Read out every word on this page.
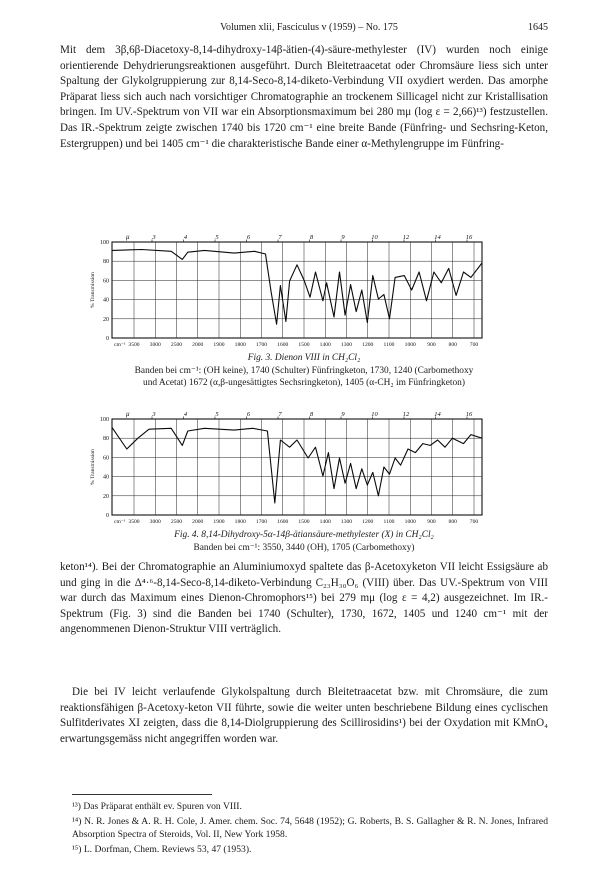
Volumen xlii, Fasciculus v (1959) – No. 175	1645

Mit dem 3β,6β-Diacetoxy-8,14-dihydroxy-14β-ätien-(4)-säure-methylester (IV) wurden noch einige orientierende Dehydrierungsreaktionen ausgeführt. Durch Bleitetraacetat oder Chromsäure liess sich unter Spaltung der Glykolgruppierung zur 8,14-Seco-8,14-diketo-Verbindung VII oxydiert werden. Das amorphe Präparat liess sich auch nach vorsichtiger Chromatographie an trockenem Sillicagel nicht zur Kristallisation bringen. Im UV.-Spektrum von VII war ein Absorptionsmaximum bei 280 mμ (log ε = 2,66)¹³) festzustellen. Das IR.-Spektrum zeigte zwischen 1740 bis 1720 cm⁻¹ eine breite Bande (Fünfring- und Sechsring-Keton, Estergruppen) und bei 1405 cm⁻¹ die charakteristische Bande einer α-Methylengruppe im Fünfring-

100
80
60
40
20
0
3500 3000 2500 2000 1900 1800 1700 1600 1500 1400 1300 1200 1100 1000 900 800 700
cm⁻¹
μ	3	4	5	6	7	8	9	10	12	14	16
% Transmission
100
80
60
40
20
0
3500 3000 2500 2000 1900 1800 1700 1600 1500 1400 1300 1200 1100 1000 900 800 700
cm⁻¹
μ	3	4	5	6	7	8	9	10	12	14	16
% Transmission
Fig. 3. Dienon VIII in CH₂Cl₂
Banden bei cm⁻¹: (OH keine), 1740 (Schulter) Fünfringketon, 1730, 1240 (Carbomethoxy
und Acetat) 1672 (α,β-ungesättigtes Sechsringketon), 1405 (α-CH₂ im Fünfringketon)
Fig. 4. 8,14-Dihydroxy-5α-14β-ätiansäure-methylester (X) in CH₂Cl₂
Banden bei cm⁻¹: 3550, 3440 (OH), 1705 (Carbomethoxy)

keton¹⁴). Bei der Chromatographie an Aluminiumoxyd spaltete das β-Acetoxyketon VII leicht Essigsäure ab und ging in die Δ⁴·⁶-8,14-Seco-8,14-diketo-Verbindung C₂₃H₃₀O₆ (VIII) über. Das UV.-Spektrum von VIII war durch das Maximum eines Dienon-Chromophors¹⁵) bei 279 mμ (log ε = 4,2) ausgezeichnet. Im IR.-Spektrum (Fig. 3) sind die Banden bei 1740 (Schulter), 1730, 1672, 1405 und 1240 cm⁻¹ mit der angenommenen Dienon-Struktur VIII verträglich.

Die bei IV leicht verlaufende Glykolspaltung durch Bleitetraacetat bzw. mit Chromsäure, die zum reaktionsfähigen β-Acetoxy-keton VII führte, sowie die weiter unten beschriebene Bildung eines cyclischen Sulfitderivates XI zeigten, dass die 8,14-Diolgruppierung des Scillirosidins¹) bei der Oxydation mit KMnO₄ erwartungsgemäss nicht angegriffen worden war.

¹³) Das Präparat enthält ev. Spuren von VIII.

¹⁴) N. R. Jones & A. R. H. Cole, J. Amer. chem. Soc. 74, 5648 (1952); G. Roberts, B. S. Gallagher & R. N. Jones, Infrared Absorption Spectra of Steroids, Vol. II, New York 1958.

¹⁵) L. Dorfman, Chem. Reviews 53, 47 (1953).
